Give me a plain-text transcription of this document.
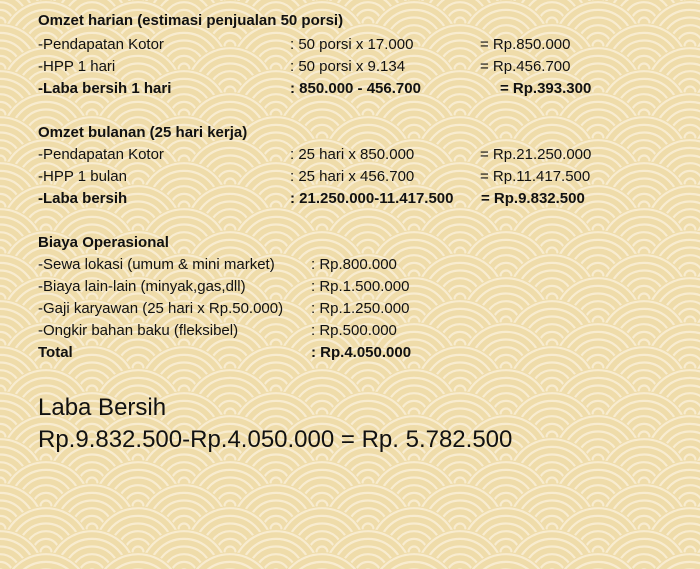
Omzet harian (estimasi penjualan 50 porsi)
-Pendapatan Kotor	: 50 porsi x 17.000	= Rp.850.000
-HPP 1 hari	: 50 porsi x 9.134	= Rp.456.700
-Laba bersih 1 hari	: 850.000 - 456.700	= Rp.393.300
Omzet bulanan (25 hari kerja)
-Pendapatan Kotor	: 25 hari x 850.000	= Rp.21.250.000
-HPP 1 bulan	: 25 hari x 456.700	= Rp.11.417.500
-Laba bersih	: 21.250.000-11.417.500 = Rp.9.832.500
Biaya Operasional
-Sewa lokasi (umum & mini market) : Rp.800.000
-Biaya lain-lain (minyak,gas,dll)	: Rp.1.500.000
-Gaji karyawan (25 hari x Rp.50.000) : Rp.1.250.000
-Ongkir bahan baku (fleksibel)	: Rp.500.000
Total	: Rp.4.050.000
Laba Bersih
Rp.9.832.500-Rp.4.050.000 = Rp. 5.782.500
